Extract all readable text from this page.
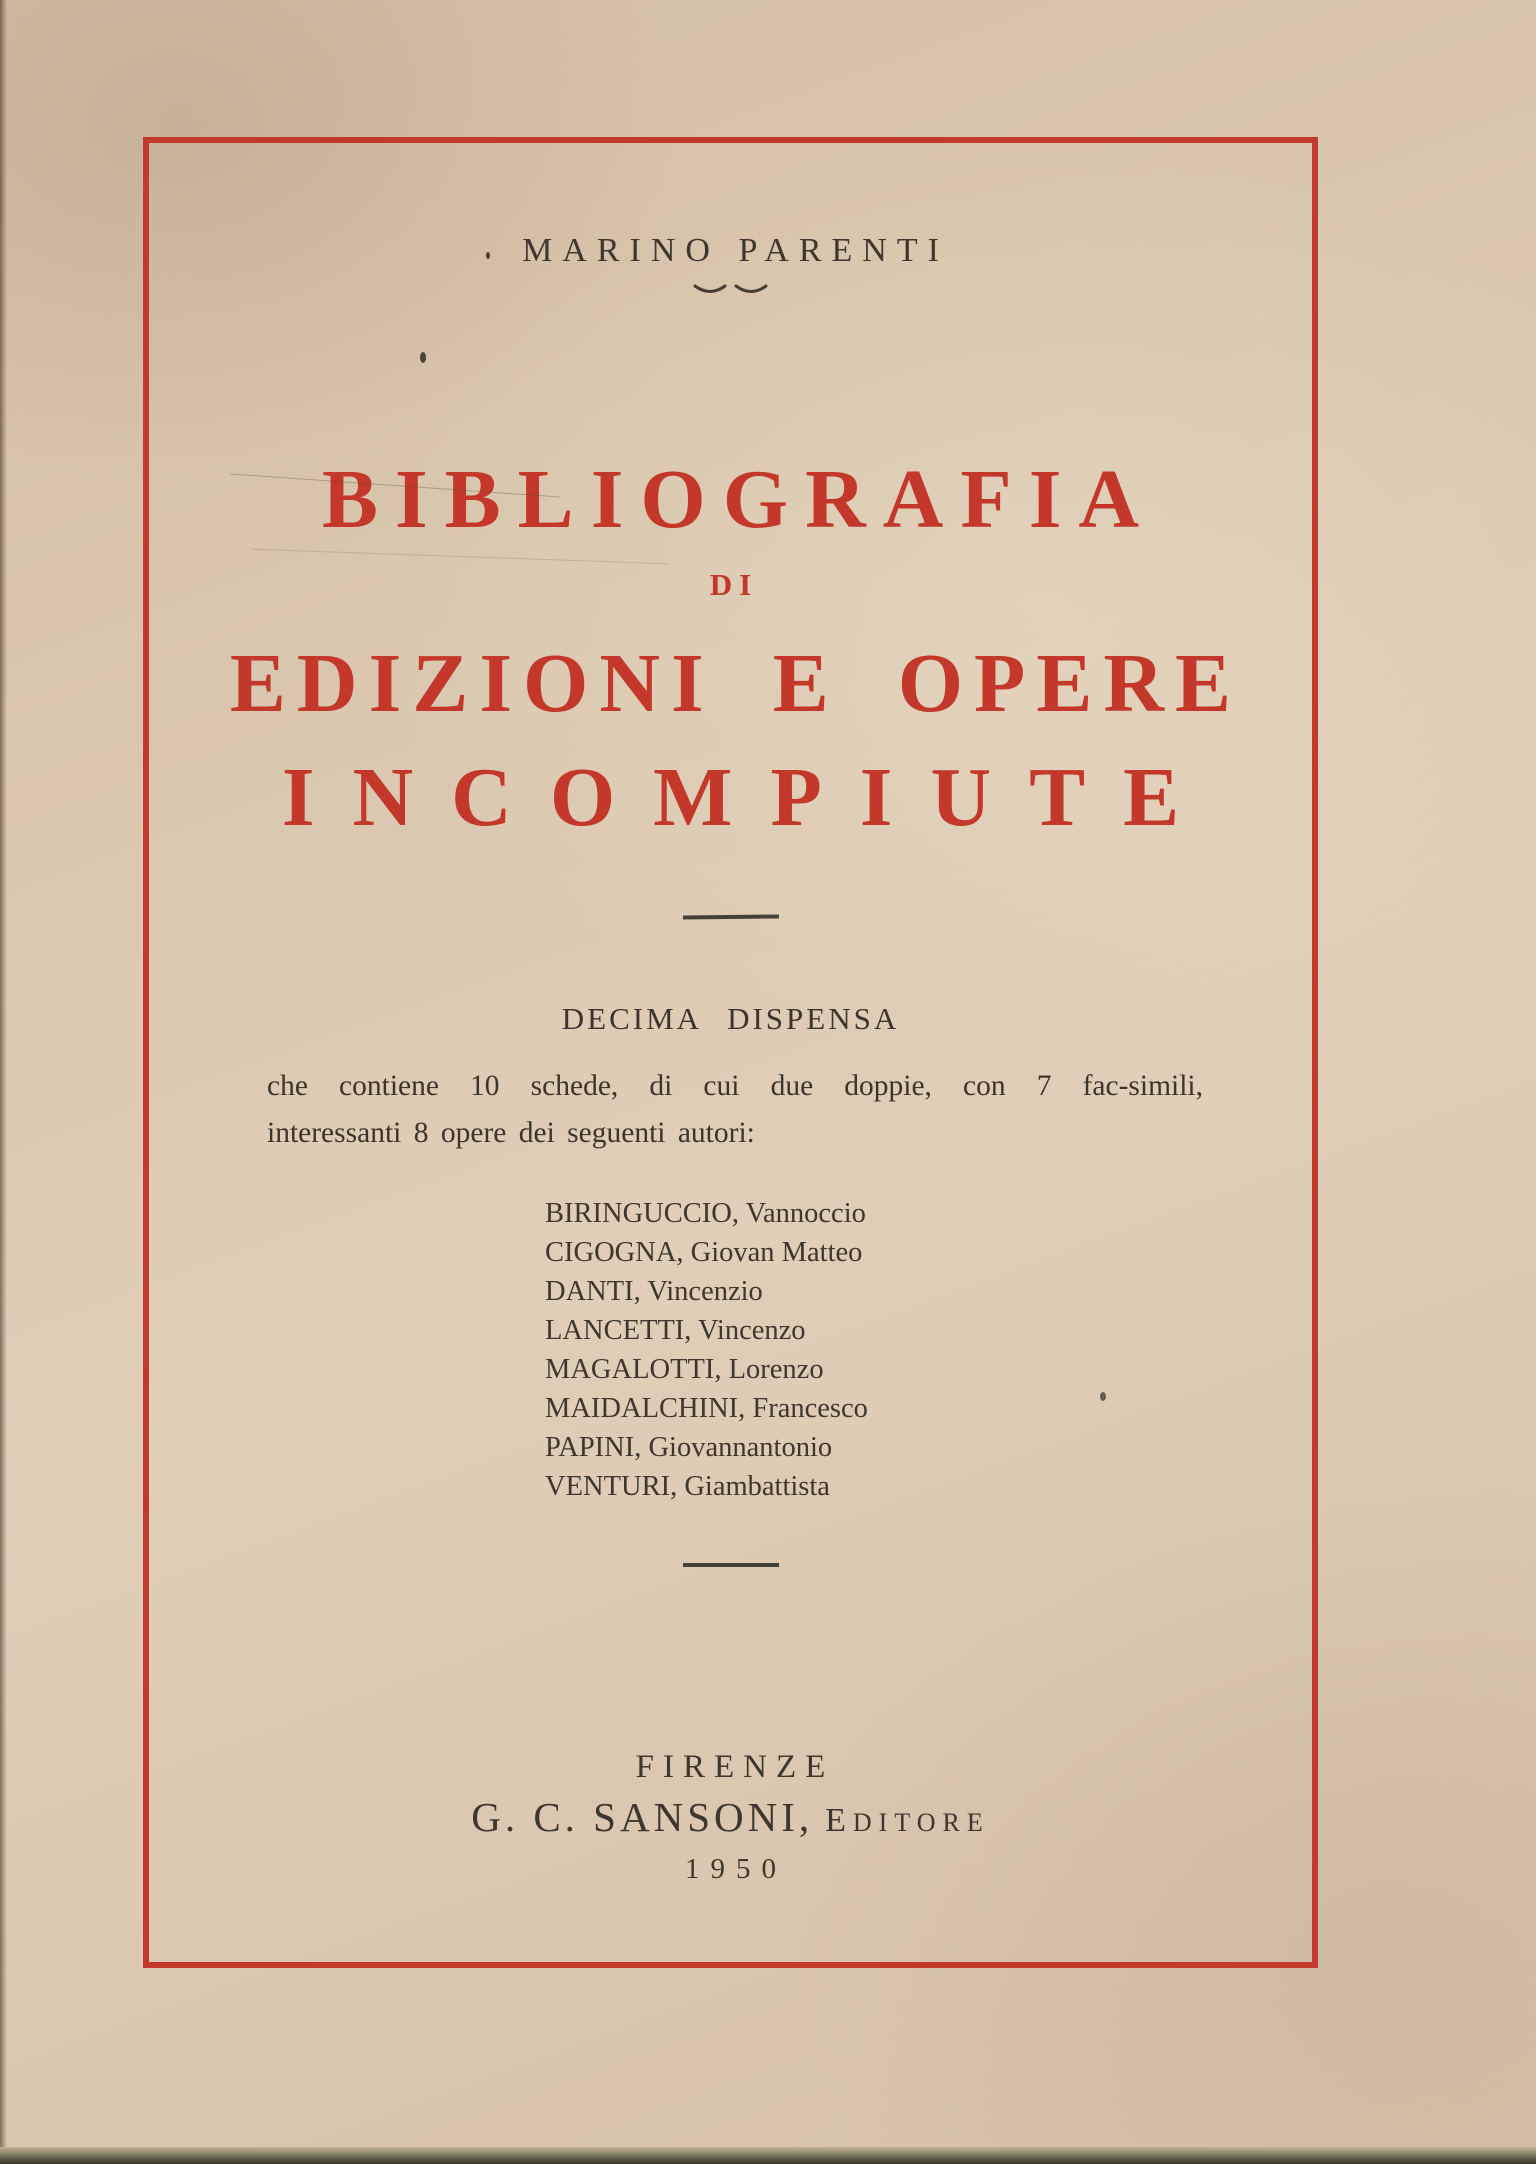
MARINO PARENTI
BIBLIOGRAFIA
DI
EDIZIONI E OPERE
INCOMPIUTE
DECIMA DISPENSA
che contiene 10 schede, di cui due doppie, con 7 fac-simili,
interessanti 8 opere dei seguenti autori:
BIRINGUCCIO, Vannoccio
CIGOGNA, Giovan Matteo
DANTI, Vincenzio
LANCETTI, Vincenzo
MAGALOTTI, Lorenzo
MAIDALCHINI, Francesco
PAPINI, Giovannantonio
VENTURI, Giambattista
FIRENZE
G. C. SANSONI, EDITORE
1950
